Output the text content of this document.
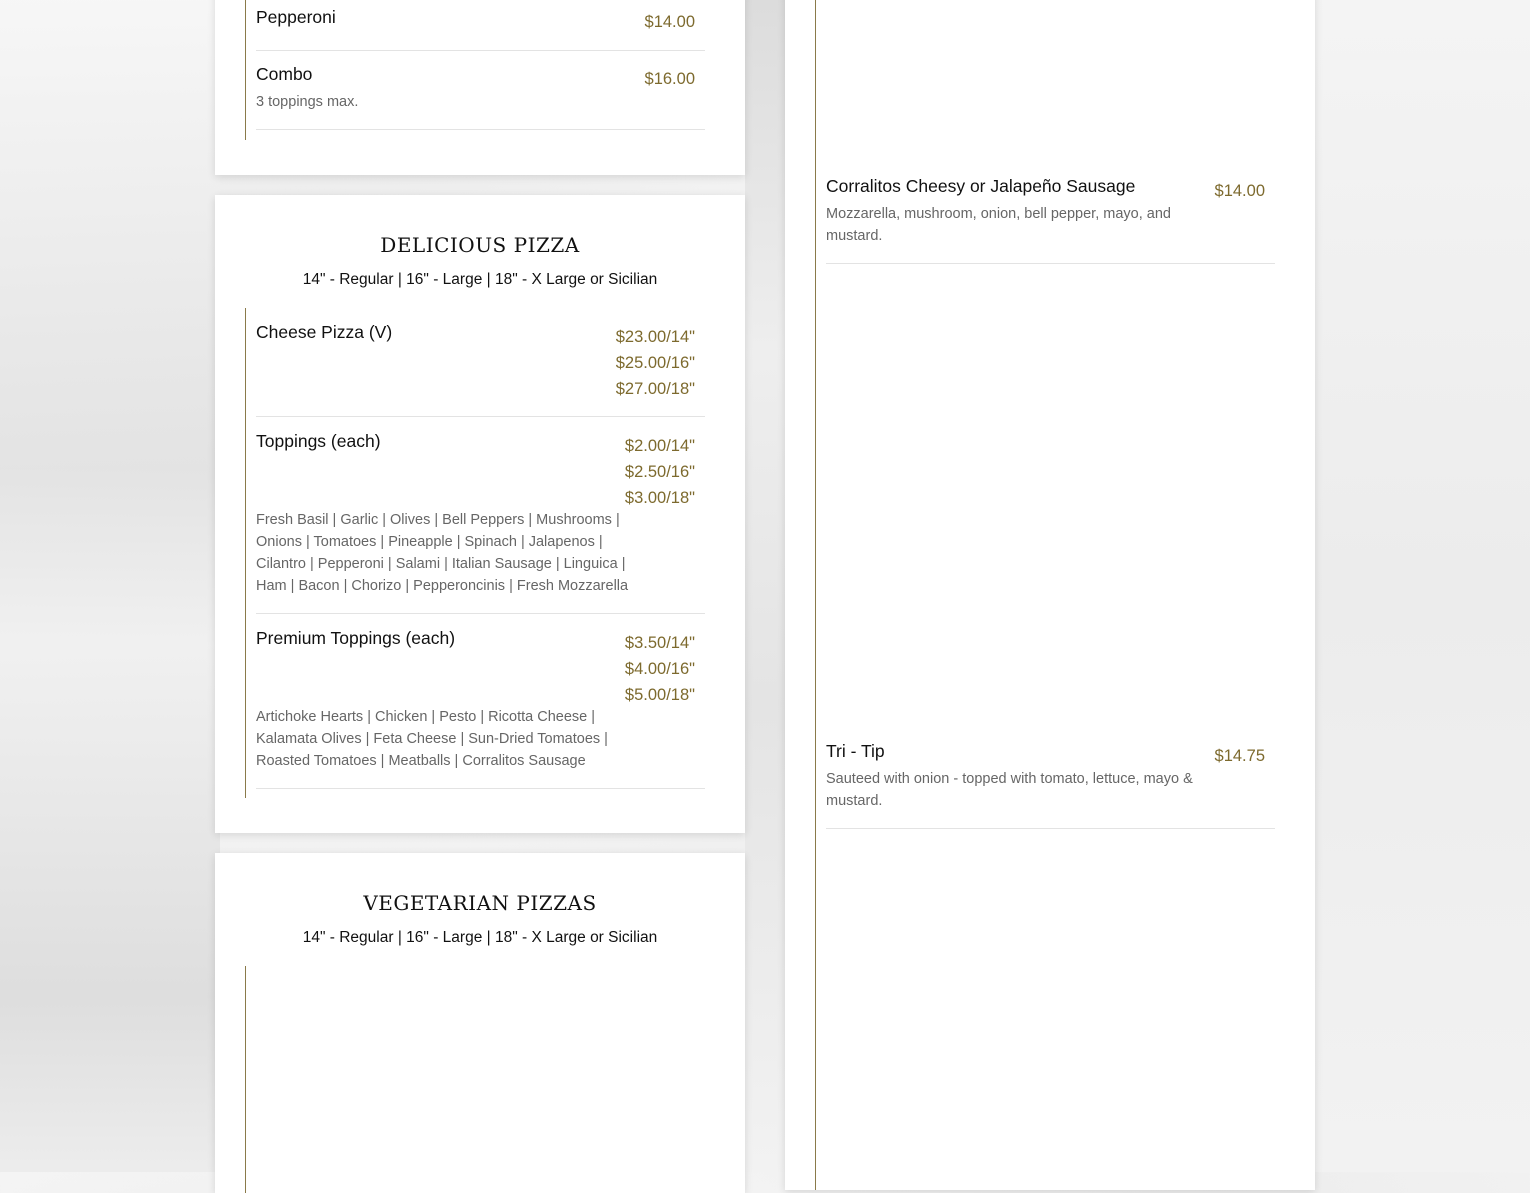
Pepperoni	$14.00
Combo	$16.00
3 toppings max.
DELICIOUS PIZZA
14" - Regular | 16" - Large | 18" - X Large or Sicilian
Cheese Pizza (V)	$23.00/14"
$25.00/16"
$27.00/18"
Toppings (each)	$2.00/14"
$2.50/16"
$3.00/18"
Fresh Basil | Garlic | Olives | Bell Peppers | Mushrooms |
Onions | Tomatoes | Pineapple | Spinach | Jalapenos |
Cilantro | Pepperoni | Salami | Italian Sausage | Linguica |
Ham | Bacon | Chorizo | Pepperoncinis | Fresh Mozzarella
Premium Toppings (each)	$3.50/14"
$4.00/16"
$5.00/18"
Artichoke Hearts | Chicken | Pesto | Ricotta Cheese |
Kalamata Olives | Feta Cheese | Sun-Dried Tomatoes |
Roasted Tomatoes | Meatballs | Corralitos Sausage
VEGETARIAN PIZZAS
14" - Regular | 16" - Large | 18" - X Large or Sicilian
Corralitos Cheesy or Jalapeño Sausage	$14.00
Mozzarella, mushroom, onion, bell pepper, mayo, and
mustard.
Tri - Tip	$14.75
Sauteed with onion - topped with tomato, lettuce, mayo &
mustard.
